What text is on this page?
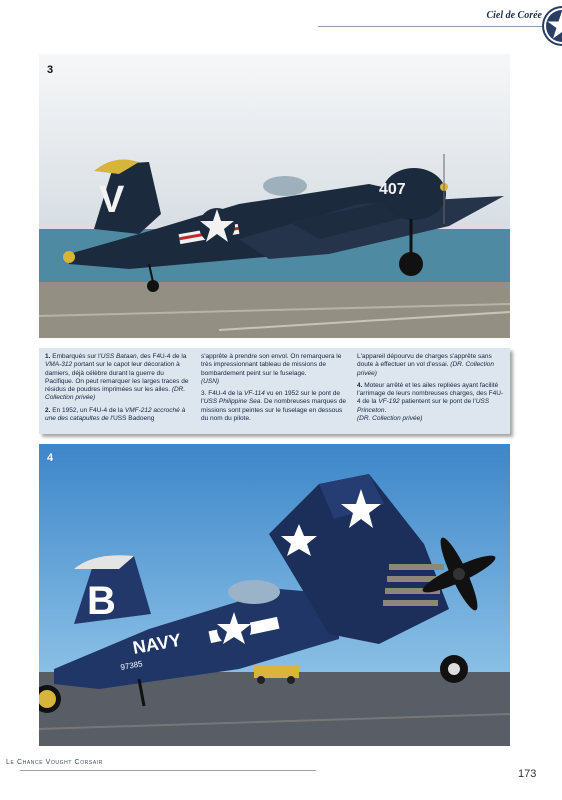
Ciel de Corée
407
V
3

1. Embarqués sur l'USS Bataan, des F4U-4 de la VMA-312 portant sur le capot leur décoration à damiers, déjà célèbre durant la guerre du Pacifique. On peut remarquer les larges traces de résidus de poudres imprimées sur les ailes. (DR. Collection privée)

2. En 1952, un F4U-4 de la VMF-212 accroché à une des catapultes de l'USS Badoeng

s'apprête à prendre son envol. On remarquera le très impressionnant tableau de missions de bombardement peint sur le fuselage.
(USN)

3. F4U-4 de la VF-114 vu en 1952 sur le pont de l'USS Philippine Sea. De nombreuses marques de missions sont peintes sur le fuselage en dessous du nom du pilote.

L'appareil dépourvu de charges s'apprête sans doute à effectuer un vol d'essai. (DR. Collection privée)

4. Moteur arrêté et les ailes repliées ayant facilité l'arrimage de leurs nombreuses charges, des F4U-4 de la VF-192 patientent sur le pont de l'USS Princeton.
(DR. Collection privée)

B
NAVY
97385
4
Le Chance Vought Corsair
173
